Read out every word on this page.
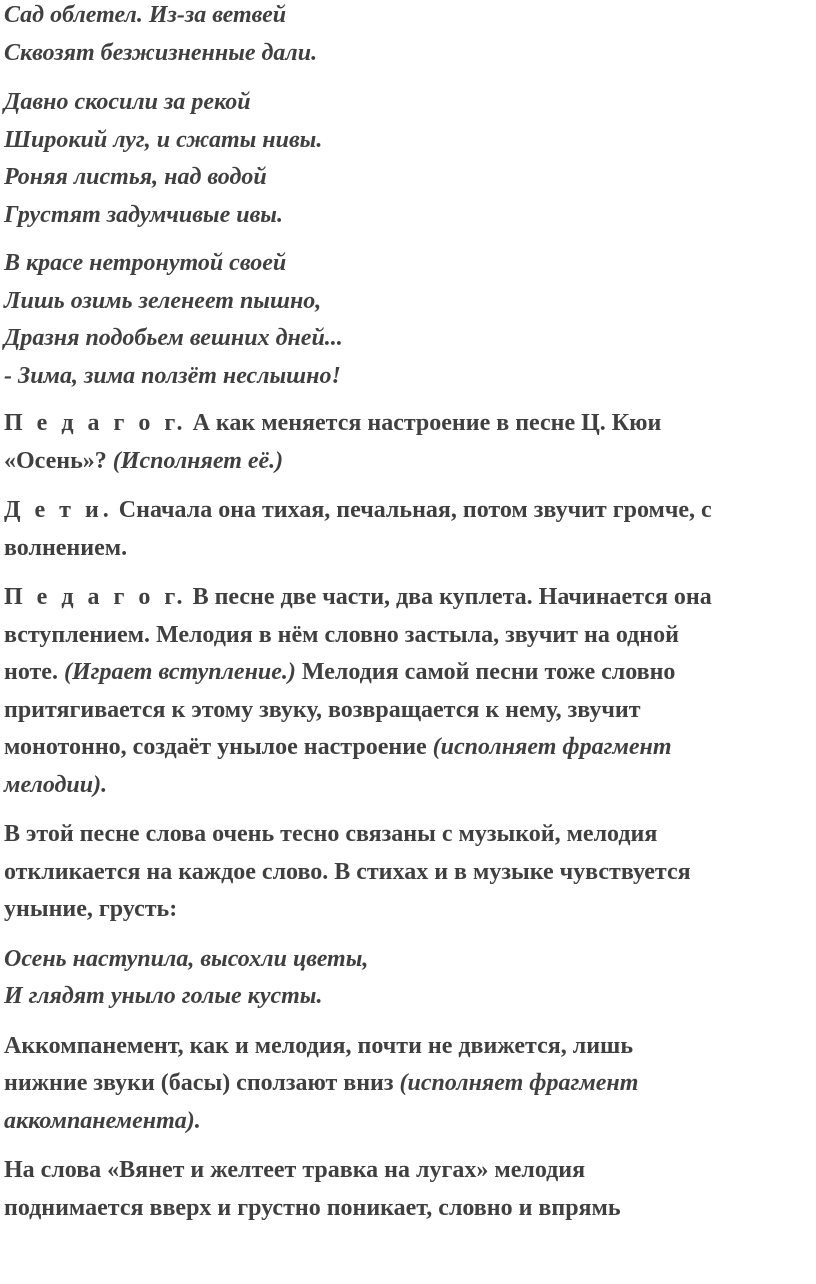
Сад облетел. Из-за ветвей
Сквозят безжизненные дали.

Давно скосили за рекой
Широкий луг, и сжаты нивы.
Роняя листья, над водой
Грустят задумчивые ивы.

В красе нетронутой своей
Лишь озимь зеленеет пышно,
Дразня подобьем вешних дней...
- Зима, зима ползёт неслышно!

П е д а г о г. А как меняется настроение в песне Ц. Кюи
«Осень»? (Исполняет её.)

Д е т и. Сначала она тихая, печальная, потом звучит громче, с
волнением.

П е д а г о г. В песне две части, два куплета. Начинается она
вступлением. Мелодия в нём словно застыла, звучит на одной
ноте. (Играет вступление.) Мелодия самой песни тоже словно
притягивается к этому звуку, возвращается к нему, звучит
монотонно, создаёт унылое настроение (исполняет фрагмент
мелодии).

В этой песне слова очень тесно связаны с музыкой, мелодия
откликается на каждое слово. В стихах и в музыке чувствуется
уныние, грусть:

Осень наступила, высохли цветы,
И глядят уныло голые кусты.

Аккомпанемент, как и мелодия, почти не движется, лишь
нижние звуки (басы) сползают вниз (исполняет фрагмент
аккомпанемента).

На слова «Вянет и желтеет травка на лугах» мелодия
поднимается вверх и грустно поникает, словно и впрямь
